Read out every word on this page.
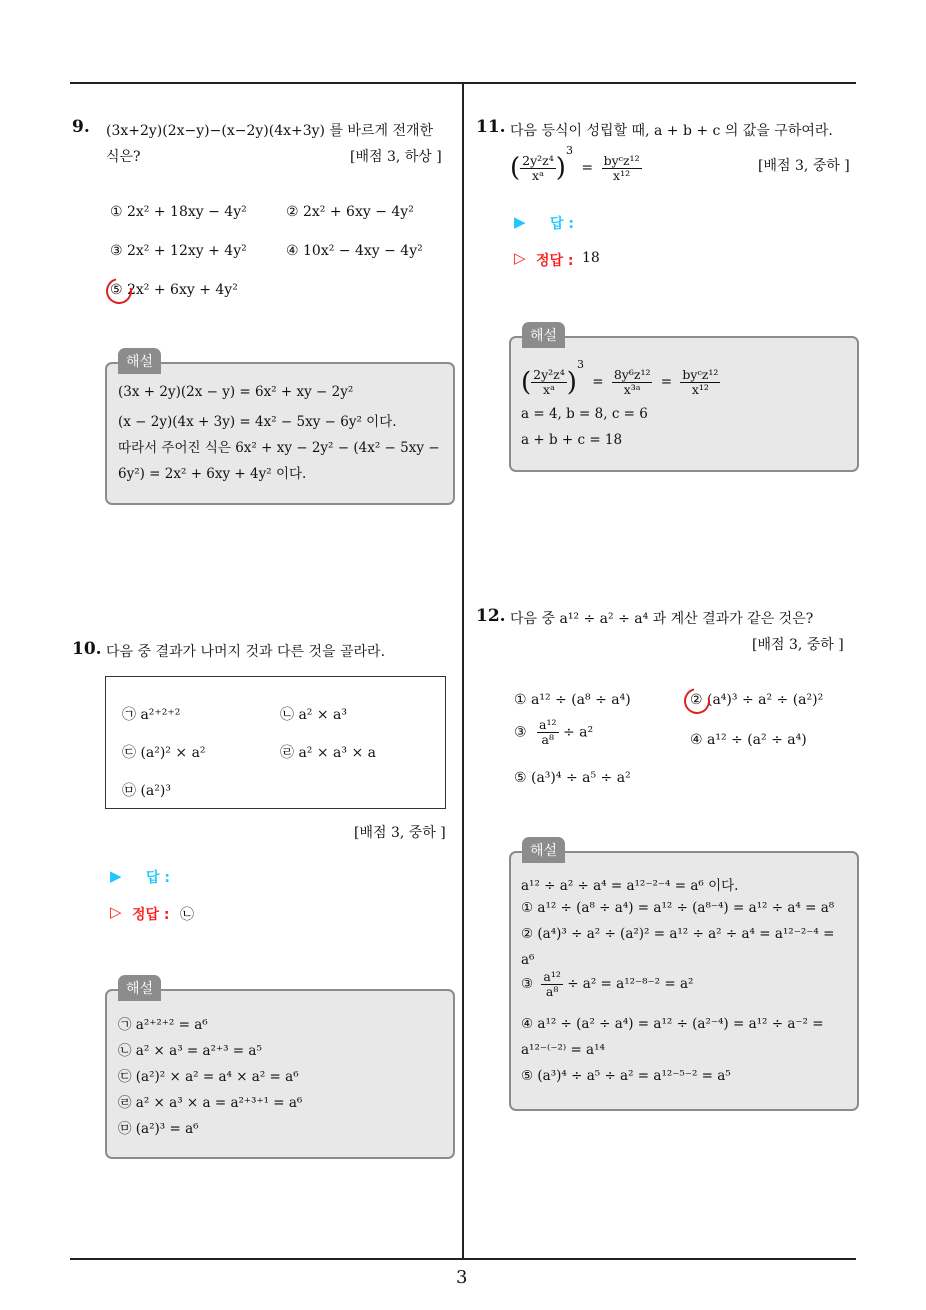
9. (3x+2y)(2x−y)−(x−2y)(4x+3y) 를 바르게 전개한
식은?	[배점 3, 하상 ]
① 2x² + 18xy − 4y²	② 2x² + 6xy − 4y²
③ 2x² + 12xy + 4y²	④ 10x² − 4xy − 4y²
⑤ 2x² + 6xy + 4y²
해설
(3x + 2y)(2x − y) = 6x² + xy − 2y²
(x − 2y)(4x + 3y) = 4x² − 5xy − 6y² 이다.
따라서 주어진 식은 6x² + xy − 2y² − (4x² − 5xy −
6y²) = 2x² + 6xy + 4y² 이다.
10. 다음 중 결과가 나머지 것과 다른 것을 골라라.
㉠ a²⁺²⁺²	㉡ a² × a³
㉢ (a²)² × a²	㉣ a² × a³ × a
㉤ (a²)³
[배점 3, 중하 ]
▶ 답 :
▷ 정답 : ㉡
해설
㉠ a²⁺²⁺² = a⁶
㉡ a² × a³ = a²⁺³ = a⁵
㉢ (a²)² × a² = a⁴ × a² = a⁶
㉣ a² × a³ × a = a²⁺³⁺¹ = a⁶
㉤ (a²)³ = a⁶
11. 다음 등식이 성립할 때, a + b + c 의 값을 구하여라.
( $\frac{\text{2y²z⁴}}{\text{xᵃ}} )^3 = \frac{\text{byᶜz¹²}}{\text{x¹²}}$	[배점 3, 중하 ]
▶ 답 :
▷ 정답 : 18
해설
( $\frac{\text{2y²z⁴}}{\text{xᵃ}} )^3 = \frac{\text{8y⁶z¹²}}{\text{x³ᵃ}} = \frac{\text{byᶜz¹²}}{\text{x¹²}}$
a = 4, b = 8, c = 6
a + b + c = 18
12. 다음 중 a¹² ÷ a² ÷ a⁴ 과 계산 결과가 같은 것은?
[배점 3, 중하 ]
① a¹² ÷ (a⁸ ÷ a⁴)	② (a⁴)³ ÷ a² ÷ (a²)²
③ $\frac{\text{a¹²}}{\text{a⁸}} \div a^2$	④ a¹² ÷ (a² ÷ a⁴)
⑤ (a³)⁴ ÷ a⁵ ÷ a²
해설
a¹² ÷ a² ÷ a⁴ = a¹²⁻²⁻⁴ = a⁶ 이다.
① a¹² ÷ (a⁸ ÷ a⁴) = a¹² ÷ (a⁸⁻⁴) = a¹² ÷ a⁴ = a⁸
② (a⁴)³ ÷ a² ÷ (a²)² = a¹² ÷ a² ÷ a⁴ = a¹²⁻²⁻⁴ =
a⁶
③ $\frac{\text{a¹²}}{\text{a⁸}} \div a^2 = a^{12-8-2} = a^2$
④ a¹² ÷ (a² ÷ a⁴) = a¹² ÷ (a²⁻⁴) = a¹² ÷ a⁻² =
a¹²⁻⁽⁻²⁾ = a¹⁴
⑤ (a³)⁴ ÷ a⁵ ÷ a² = a¹²⁻⁵⁻² = a⁵
3
